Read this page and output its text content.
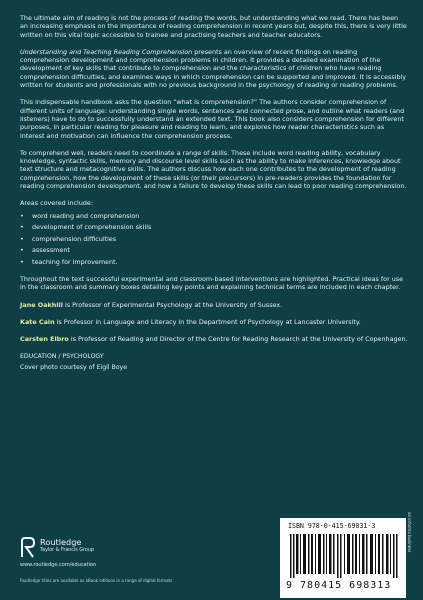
The ultimate aim of reading is not the process of reading the words, but understanding what we read. There has been an increasing emphasis on the importance of reading comprehension in recent years but, despite this, there is very little written on this vital topic accessible to trainee and practising teachers and teacher educators.

Understanding and Teaching Reading Comprehension presents an overview of recent findings on reading comprehension development and comprehension problems in children. It provides a detailed examination of the development of key skills that contribute to comprehension and the characteristics of children who have reading comprehension difficulties, and examines ways in which comprehension can be supported and improved. It is accessibly written for students and professionals with no previous background in the psychology of reading or reading problems.

This indispensable handbook asks the question “what is comprehension?” The authors consider comprehension of different units of language: understanding single words, sentences and connected prose, and outline what readers (and listeners) have to do to successfully understand an extended text. This book also considers comprehension for different purposes, in particular reading for pleasure and reading to learn, and explores how reader characteristics such as interest and motivation can influence the comprehension process.

To comprehend well, readers need to coordinate a range of skills. These include word reading ability, vocabulary knowledge, syntactic skills, memory and discourse level skills such as the ability to make inferences, knowledge about text structure and metacognitive skills. The authors discuss how each one contributes to the development of reading comprehension, how the development of these skills (or their precursors) in pre-readers provides the foundation for reading comprehension development, and how a failure to develop these skills can lead to poor reading comprehension.

Areas covered include:

• word reading and comprehension
• development of comprehension skills
• comprehension difficulties
• assessment
• teaching for improvement.

Throughout the text successful experimental and classroom-based interventions are highlighted. Practical ideas for use in the classroom and summary boxes detailing key points and explaining technical terms are included in each chapter.

Jane Oakhill is Professor of Experimental Psychology at the University of Sussex.

Kate Cain is Professor in Language and Literacy in the Department of Psychology at Lancaster University.

Carsten Elbro is Professor of Reading and Director of the Centre for Reading Research at the University of Copenhagen.

EDUCATION / PSYCHOLOGY

Cover photo courtesy of Eigil Boye

Routledge
Taylor & Francis Group
www.routledge.com/education
Routledge titles are available as eBook editions in a range of digital formats
ISBN 978-0-415-69831-3
9 780415 698313
an informa business
